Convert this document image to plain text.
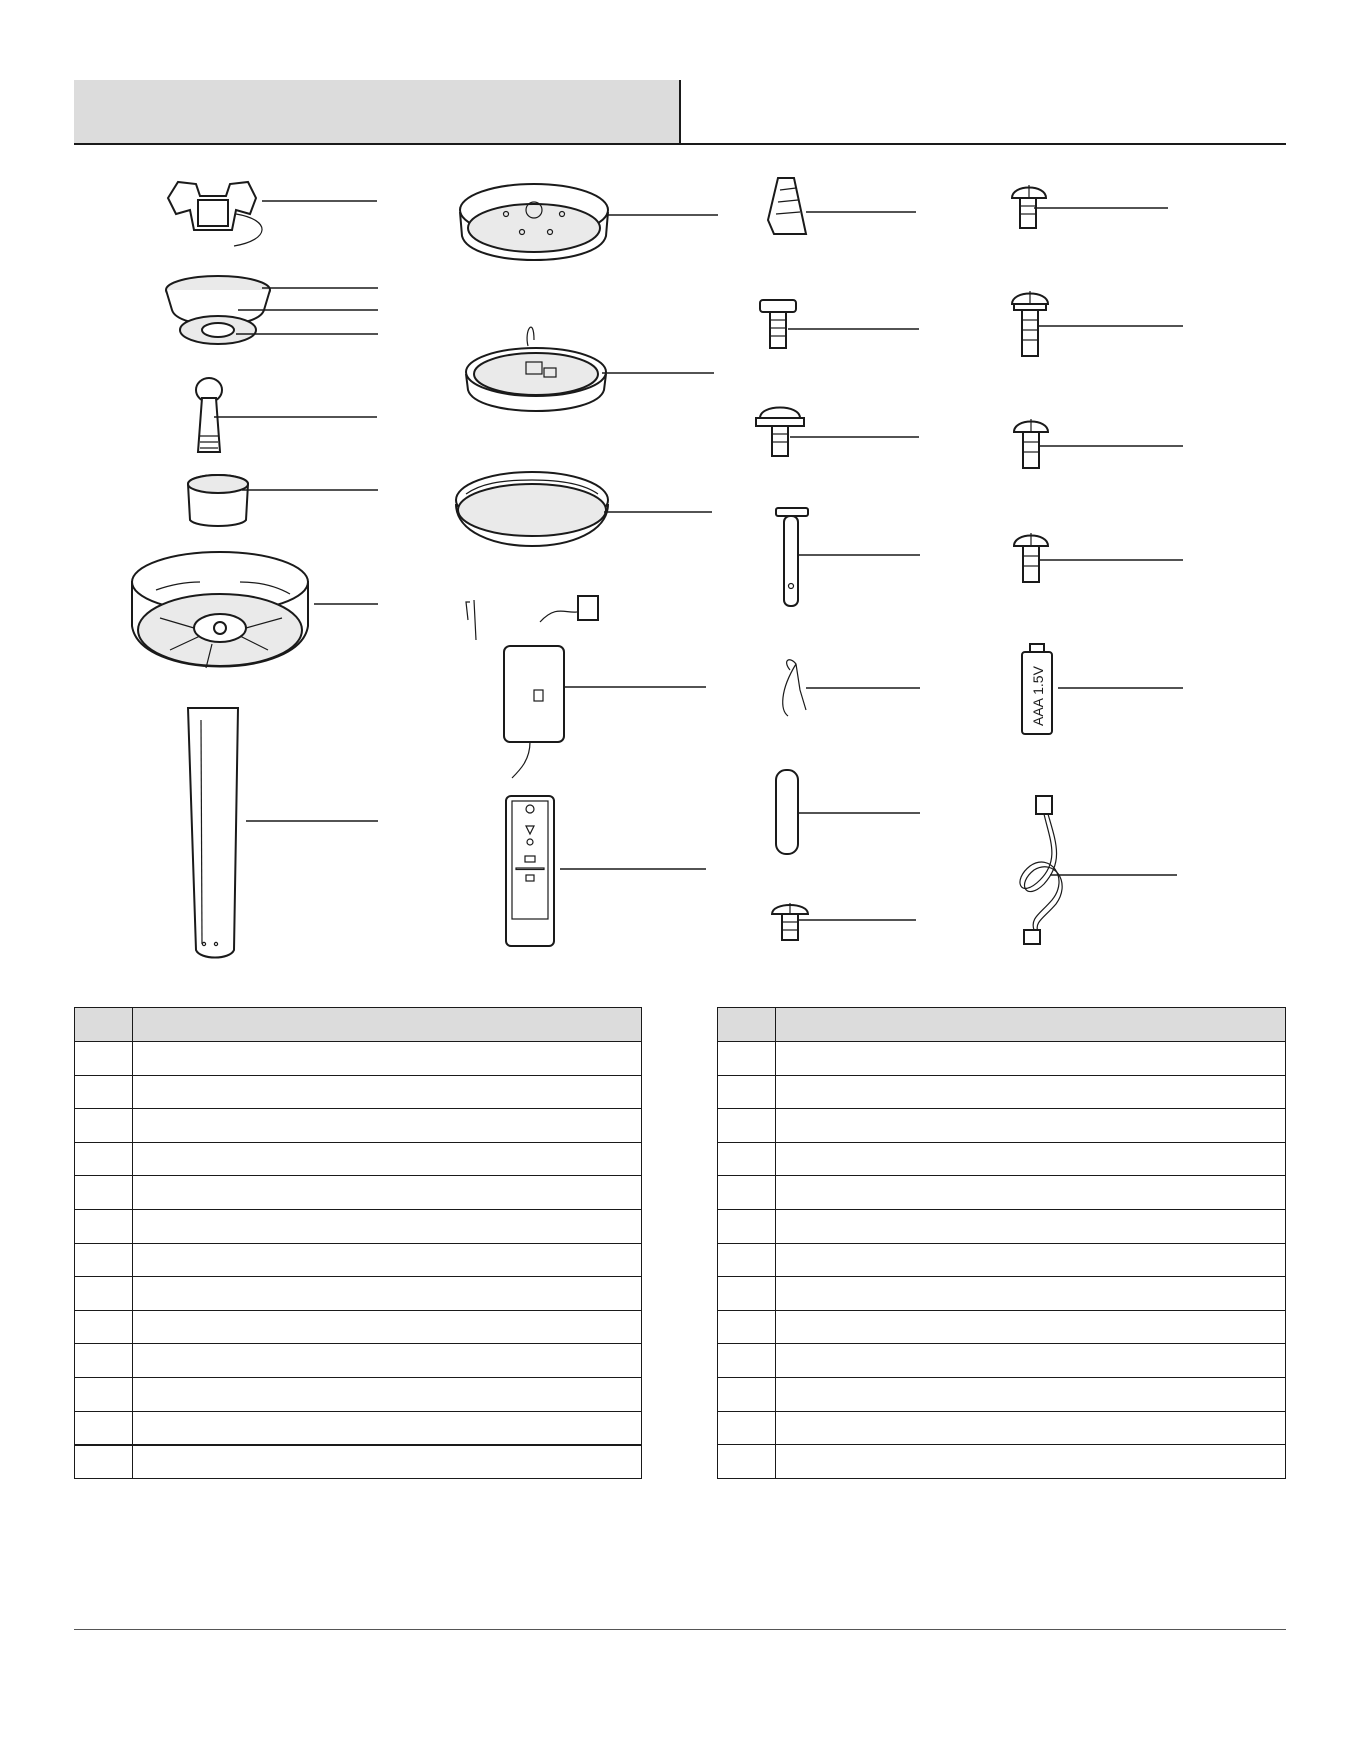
AAA 1.5V
